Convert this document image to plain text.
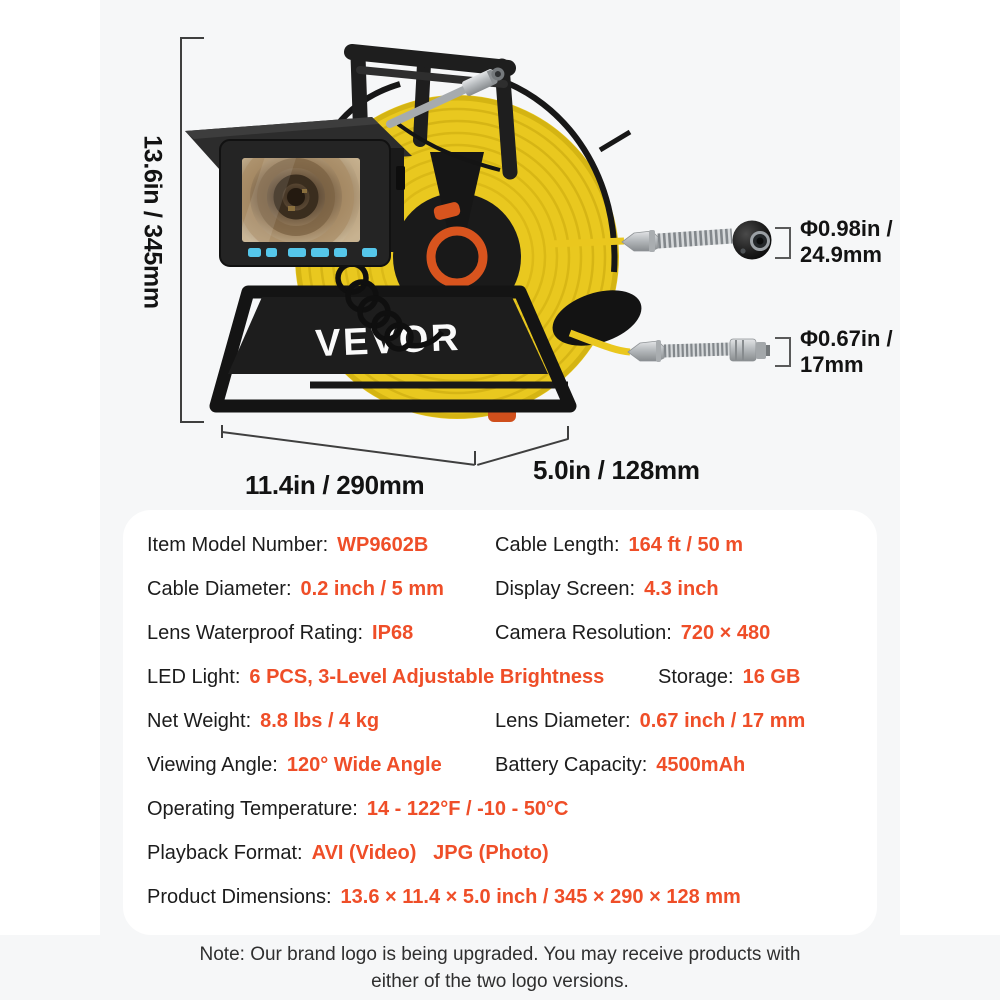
VEVOR
13.6in / 345mm
11.4in / 290mm	5.0in / 128mm
Φ0.98in /
24.9mm
Φ0.67in /
17mm
Item Model Number: WP9602B	Cable Length: 164 ft / 50 m
Cable Diameter: 0.2 inch / 5 mm	Display Screen: 4.3 inch
Lens Waterproof Rating: IP68	Camera Resolution: 720 × 480
LED Light: 6 PCS, 3-Level Adjustable Brightness	Storage: 16 GB
Net Weight: 8.8 lbs / 4 kg	Lens Diameter: 0.67 inch / 17 mm
Viewing Angle: 120° Wide Angle	Battery Capacity: 4500mAh
Operating Temperature: 14 - 122°F / -10 - 50°C
Playback Format: AVI (Video)   JPG (Photo)
Product Dimensions: 13.6 × 11.4 × 5.0 inch / 345 × 290 × 128 mm
Note: Our brand logo is being upgraded. You may receive products with either of the two logo versions.
